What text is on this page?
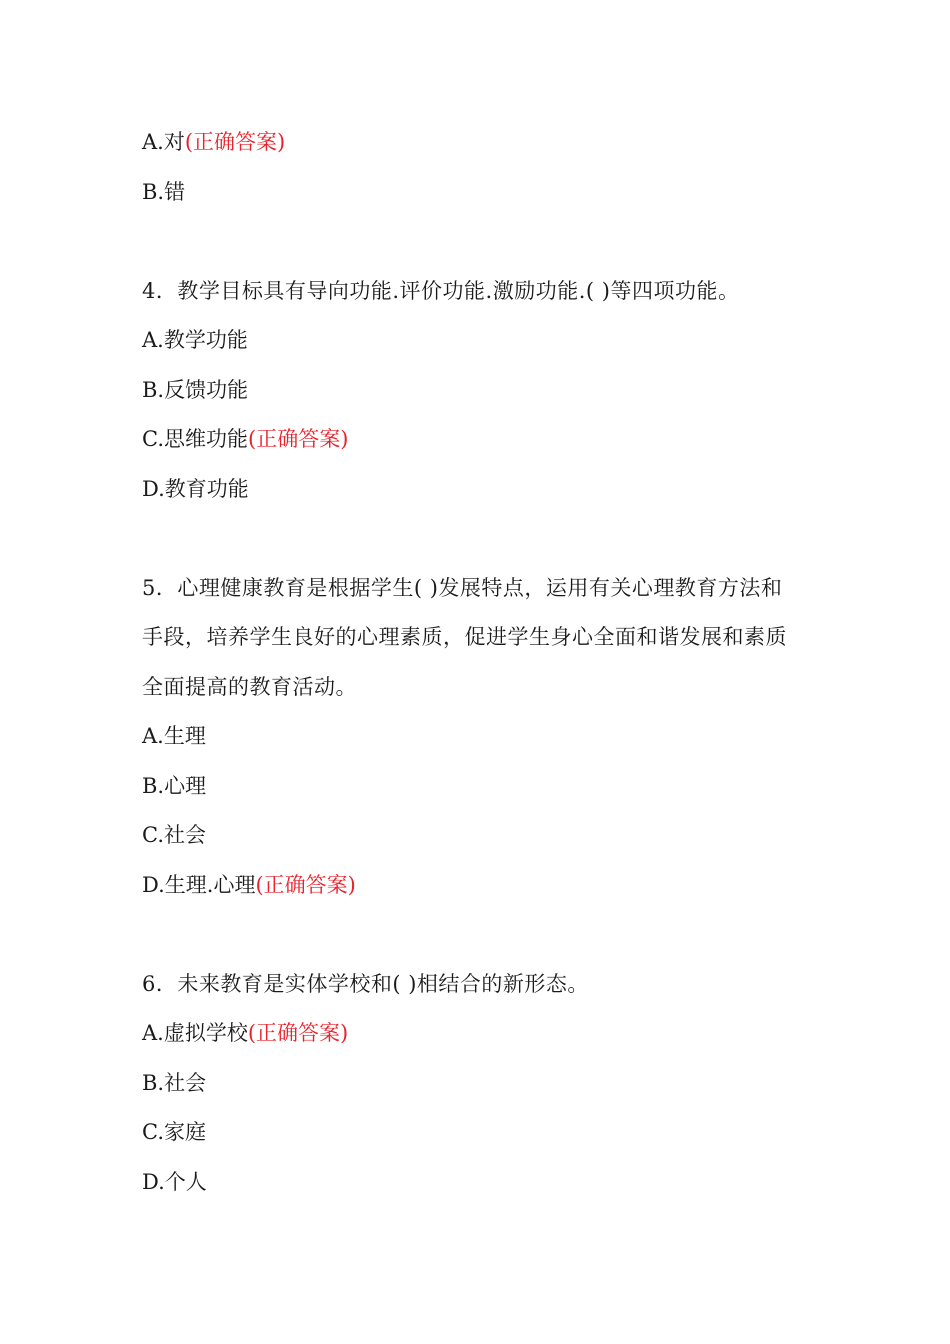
A.对(正确答案)
B.错
4．教学目标具有导向功能.评价功能.激励功能.( )等四项功能。
A.教学功能
B.反馈功能
C.思维功能(正确答案)
D.教育功能
5．心理健康教育是根据学生( )发展特点，运用有关心理教育方法和
手段，培养学生良好的心理素质，促进学生身心全面和谐发展和素质
全面提高的教育活动。
A.生理
B.心理
C.社会
D.生理.心理(正确答案)
6．未来教育是实体学校和( )相结合的新形态。
A.虚拟学校(正确答案)
B.社会
C.家庭
D.个人
